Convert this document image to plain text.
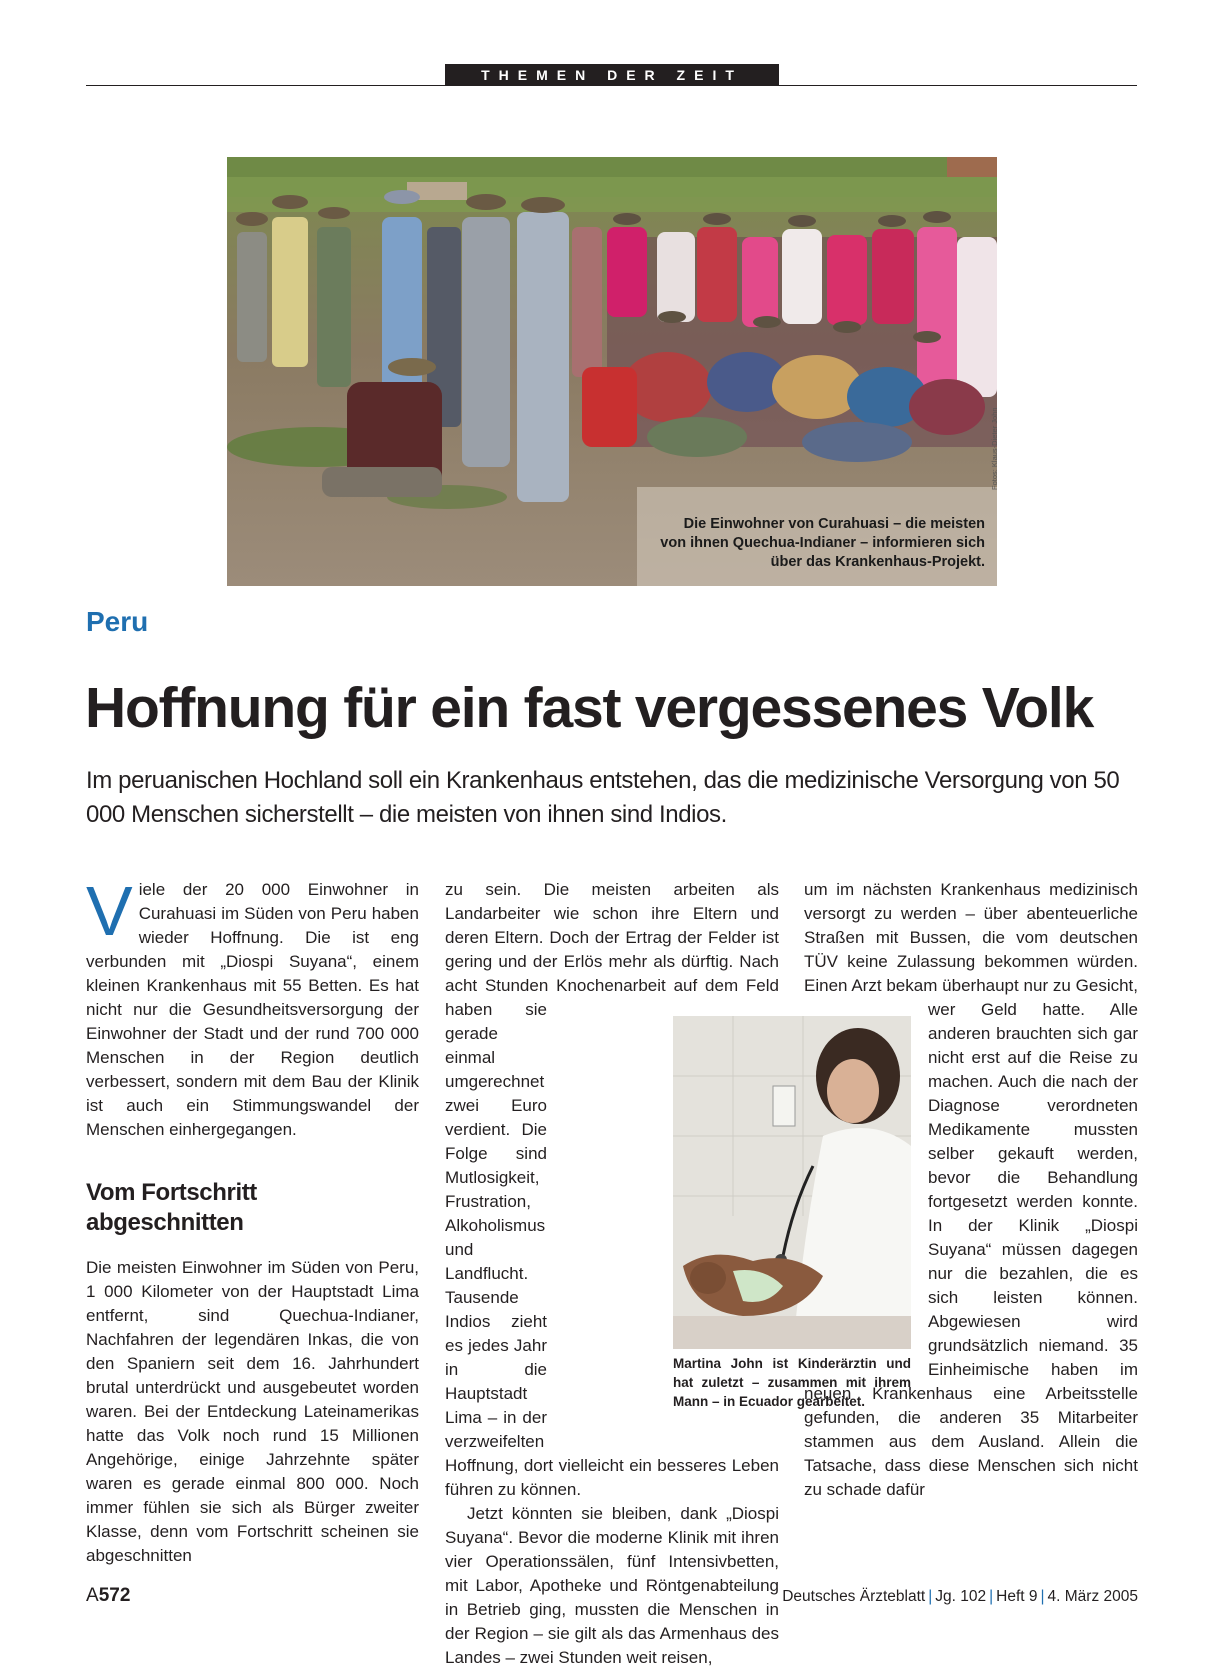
THEMEN DER ZEIT
Die Einwohner von Curahuasi – die meisten von ihnen Quechua-Indianer – informieren sich über das Krankenhaus-Projekt.
Fotos: Klaus-Dieter John
Peru
Hoffnung für ein fast vergessenes Volk
Im peruanischen Hochland soll ein Krankenhaus entstehen, das die medizinische Versorgung von 50 000 Menschen sicherstellt – die meisten von ihnen sind Indios.

Viele der 20 000 Einwohner in Curahuasi im Süden von Peru haben wieder Hoffnung. Die ist eng verbunden mit „Diospi Suyana“, einem kleinen Krankenhaus mit 55 Betten. Es hat nicht nur die Gesundheitsversorgung der Einwohner der Stadt und der rund 700 000 Menschen in der Region deutlich verbessert, sondern mit dem Bau der Klinik ist auch ein Stimmungswandel der Menschen einhergegangen.

Vom Fortschritt abgeschnitten

Die meisten Einwohner im Süden von Peru, 1 000 Kilometer von der Hauptstadt Lima entfernt, sind Quechua-Indianer, Nachfahren der legendären Inkas, die von den Spaniern seit dem 16. Jahrhundert brutal unterdrückt und ausgebeutet worden waren. Bei der Entdeckung Lateinamerikas hatte das Volk noch rund 15 Millionen Angehörige, einige Jahrzehnte später waren es gerade einmal 800 000. Noch immer fühlen sie sich als Bürger zweiter Klasse, denn vom Fortschritt scheinen sie abgeschnitten

zu sein. Die meisten arbeiten als Landarbeiter wie schon ihre Eltern und deren Eltern. Doch der Ertrag der Felder ist gering und der Erlös mehr als dürftig. Nach acht Stunden Knochenarbeit auf dem Feld haben sie gerade einmal umgerechnet zwei Euro verdient. Die Folge sind Mutlosigkeit, Frustration, Alkoholismus und Landflucht. Tausende Indios zieht es jedes Jahr in die Hauptstadt Lima – in der verzweifelten Hoffnung, dort vielleicht ein besseres Leben führen zu können.

Jetzt könnten sie bleiben, dank „Diospi Suyana“. Bevor die moderne Klinik mit ihren vier Operationssälen, fünf Intensivbetten, mit Labor, Apotheke und Röntgenabteilung in Betrieb ging, mussten die Menschen in der Region – sie gilt als das Armenhaus des Landes – zwei Stunden weit reisen,

um im nächsten Krankenhaus medizinisch versorgt zu werden – über abenteuerliche Straßen mit Bussen, die vom deutschen TÜV keine Zulassung bekommen würden. Einen Arzt bekam überhaupt nur zu Gesicht, wer Geld hatte. Alle anderen brauchten sich gar nicht erst auf die Reise zu machen. Auch die nach der Diagnose verordneten Medikamente mussten selber gekauft werden, bevor die Behandlung fortgesetzt werden konnte. In der Klinik „Diospi Suyana“ müssen dagegen nur die bezahlen, die es sich leisten können. Abgewiesen wird grundsätzlich niemand. 35 Einheimische haben im neuen Krankenhaus eine Arbeitsstelle gefunden, die anderen 35 Mitarbeiter stammen aus dem Ausland. Allein die Tatsache, dass diese Menschen sich nicht zu schade dafür

Martina John ist Kinderärztin und hat zuletzt – zusammen mit ihrem Mann – in Ecuador gearbeitet.
A572	Deutsches Ärzteblatt | Jg. 102 | Heft 9 | 4. März 2005
